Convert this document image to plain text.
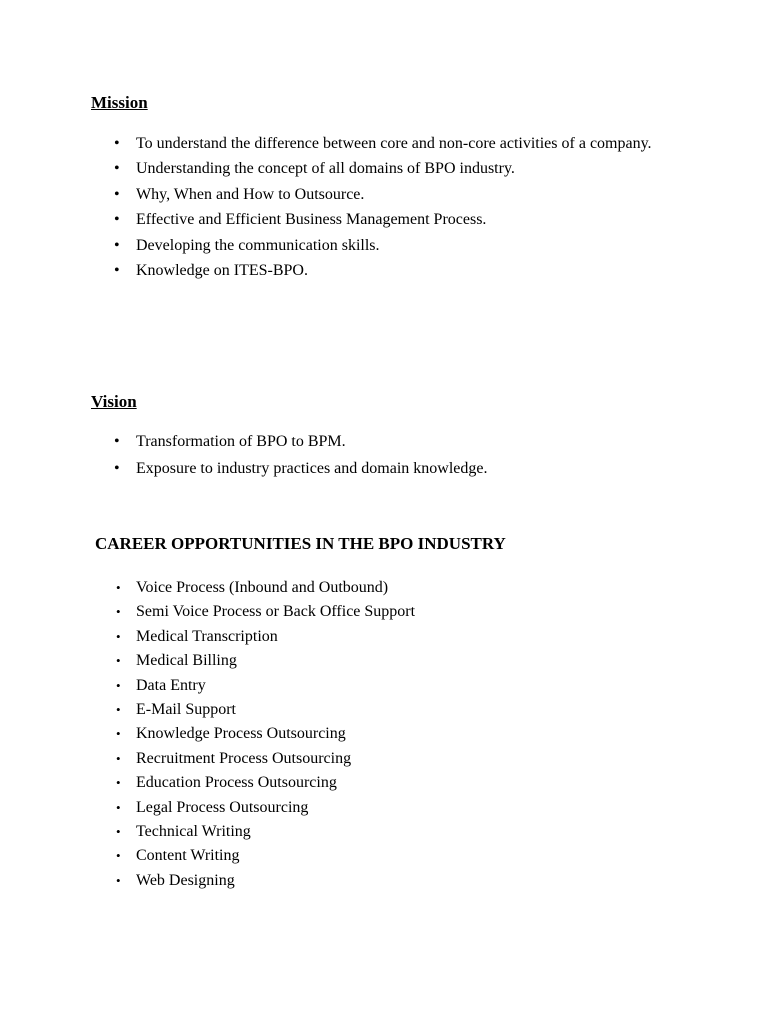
Mission
• To understand the difference between core and non-core activities of a company.
• Understanding the concept of all domains of BPO industry.
• Why, When and How to Outsource.
• Effective and Efficient Business Management Process.
• Developing the communication skills.
• Knowledge on ITES-BPO.
Vision
• Transformation of BPO to BPM.
• Exposure to industry practices and domain knowledge.
CAREER OPPORTUNITIES IN THE BPO INDUSTRY
• Voice Process (Inbound and Outbound)
• Semi Voice Process or Back Office Support
• Medical Transcription
• Medical Billing
• Data Entry
• E-Mail Support
• Knowledge Process Outsourcing
• Recruitment Process Outsourcing
• Education Process Outsourcing
• Legal Process Outsourcing
• Technical Writing
• Content Writing
• Web Designing
